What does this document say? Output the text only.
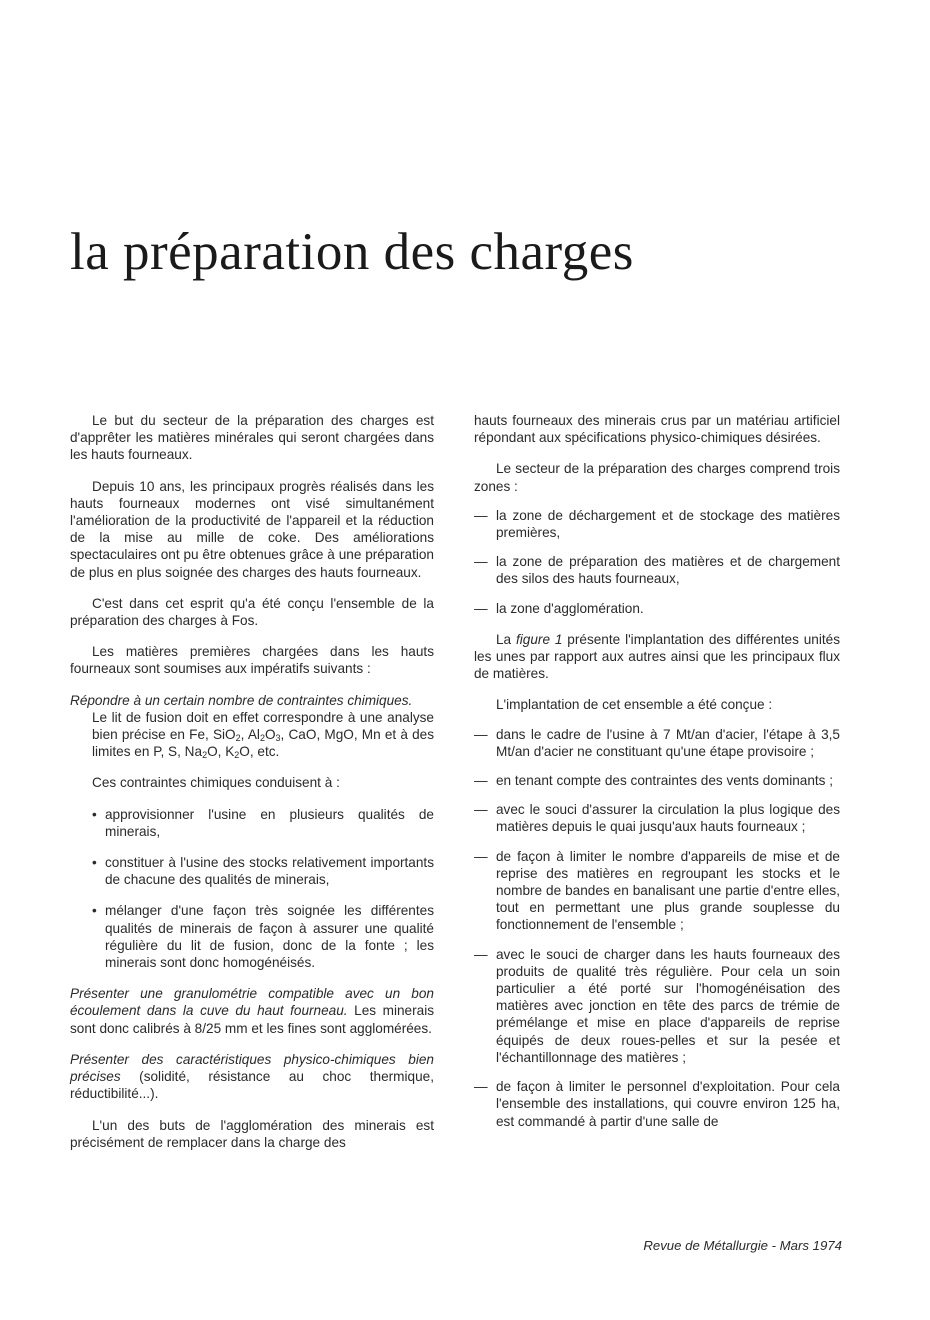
la préparation des charges

Le but du secteur de la préparation des charges est d'apprêter les matières minérales qui seront chargées dans les hauts fourneaux.

Depuis 10 ans, les principaux progrès réalisés dans les hauts fourneaux modernes ont visé simultanément l'amélioration de la productivité de l'appareil et la réduction de la mise au mille de coke. Des améliorations spectaculaires ont pu être obtenues grâce à une préparation de plus en plus soignée des charges des hauts fourneaux.

C'est dans cet esprit qu'a été conçu l'ensemble de la préparation des charges à Fos.

Les matières premières chargées dans les hauts fourneaux sont soumises aux impératifs suivants :

Répondre à un certain nombre de contraintes chimiques.

Le lit de fusion doit en effet correspondre à une analyse bien précise en Fe, SiO$_2$, $Al_2O_3$, CaO, MgO, Mn et à des limites en P, S, $Na_2O$, $K_2O$, etc.

Ces contraintes chimiques conduisent à :

• approvisionner l'usine en plusieurs qualités de minerais,

• constituer à l'usine des stocks relativement importants de chacune des qualités de minerais,

• mélanger d'une façon très soignée les différentes qualités de minerais de façon à assurer une qualité régulière du lit de fusion, donc de la fonte ; les minerais sont donc homogénéisés.

Présenter une granulométrie compatible avec un bon écoulement dans la cuve du haut fourneau. Les minerais sont donc calibrés à 8/25 mm et les fines sont agglomérées.

Présenter des caractéristiques physico-chimiques bien précises (solidité, résistance au choc thermique, réductibilité...).

L'un des buts de l'agglomération des minerais est précisément de remplacer dans la charge des

hauts fourneaux des minerais crus par un matériau artificiel répondant aux spécifications physico-chimiques désirées.

Le secteur de la préparation des charges comprend trois zones :

— la zone de déchargement et de stockage des matières premières,

— la zone de préparation des matières et de chargement des silos des hauts fourneaux,

— la zone d'agglomération.

La figure 1 présente l'implantation des différentes unités les unes par rapport aux autres ainsi que les principaux flux de matières.

L'implantation de cet ensemble a été conçue :

— dans le cadre de l'usine à 7 Mt/an d'acier, l'étape à 3,5 Mt/an d'acier ne constituant qu'une étape provisoire ;

— en tenant compte des contraintes des vents dominants ;

— avec le souci d'assurer la circulation la plus logique des matières depuis le quai jusqu'aux hauts fourneaux ;

— de façon à limiter le nombre d'appareils de mise et de reprise des matières en regroupant les stocks et le nombre de bandes en banalisant une partie d'entre elles, tout en permettant une plus grande souplesse du fonctionnement de l'ensemble ;

— avec le souci de charger dans les hauts fourneaux des produits de qualité très régulière. Pour cela un soin particulier a été porté sur l'homogénéisation des matières avec jonction en tête des parcs de trémie de prémélange et mise en place d'appareils de reprise équipés de deux roues-pelles et sur la pesée et l'échantillonnage des matières ;

— de façon à limiter le personnel d'exploitation. Pour cela l'ensemble des installations, qui couvre environ 125 ha, est commandé à partir d'une salle de

Revue de Métallurgie - Mars 1974
